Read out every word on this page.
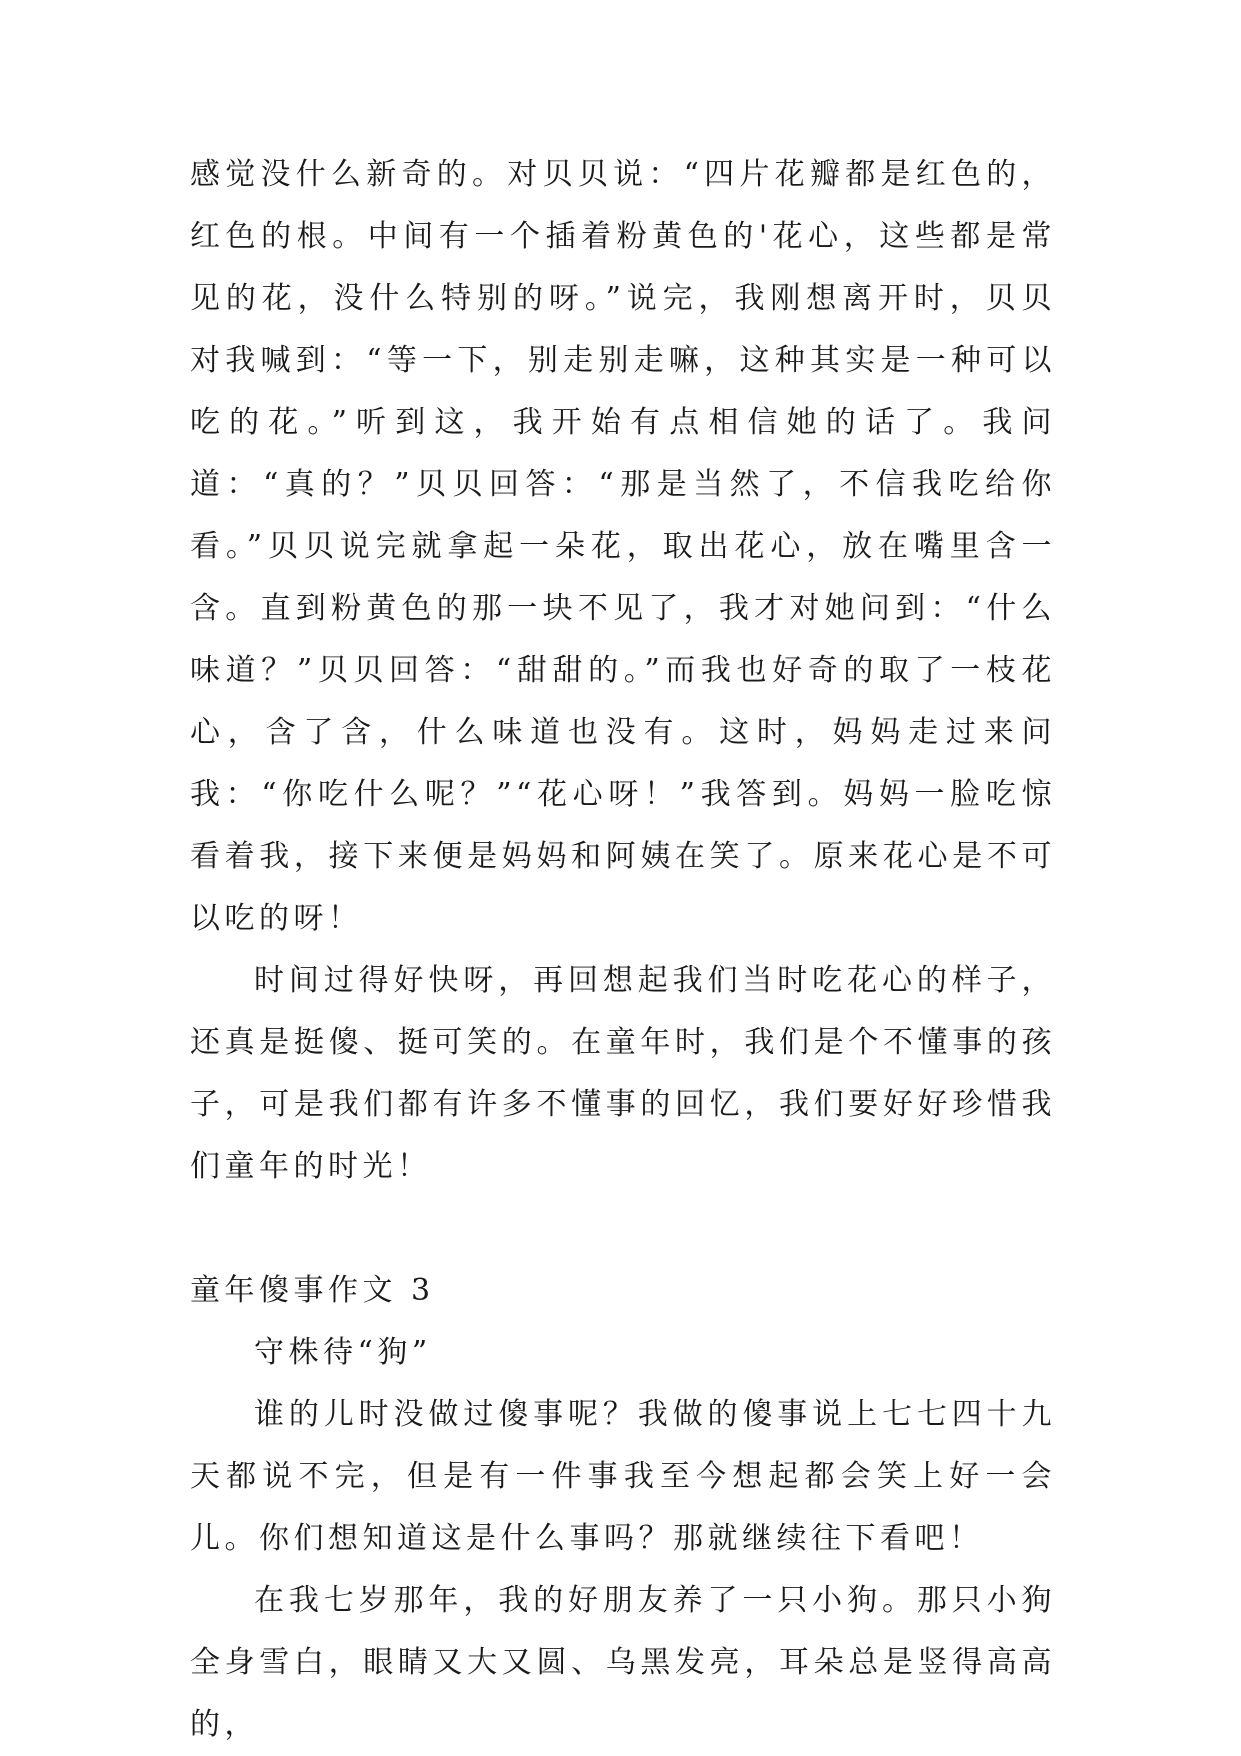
感觉没什么新奇的。对贝贝说：“四片花瓣都是红色的，红色的根。中间有一个插着粉黄色的'花心，这些都是常见的花，没什么特别的呀。”说完，我刚想离开时，贝贝对我喊到：“等一下，别走别走嘛，这种其实是一种可以吃的花。”听到这，我开始有点相信她的话了。我问道：“真的？”贝贝回答：“那是当然了，不信我吃给你看。”贝贝说完就拿起一朵花，取出花心，放在嘴里含一含。直到粉黄色的那一块不见了，我才对她问到：“什么味道？”贝贝回答：“甜甜的。”而我也好奇的取了一枝花心，含了含，什么味道也没有。这时，妈妈走过来问我：“你吃什么呢？”“花心呀！”我答到。妈妈一脸吃惊看着我，接下来便是妈妈和阿姨在笑了。原来花心是不可以吃的呀！

时间过得好快呀，再回想起我们当时吃花心的样子，还真是挺傻、挺可笑的。在童年时，我们是个不懂事的孩子，可是我们都有许多不懂事的回忆，我们要好好珍惜我们童年的时光！

童年傻事作文 3

守株待“狗”

谁的儿时没做过傻事呢？我做的傻事说上七七四十九天都说不完，但是有一件事我至今想起都会笑上好一会儿。你们想知道这是什么事吗？那就继续往下看吧！

在我七岁那年，我的好朋友养了一只小狗。那只小狗全身雪白，眼睛又大又圆、乌黑发亮，耳朵总是竖得高高的，
